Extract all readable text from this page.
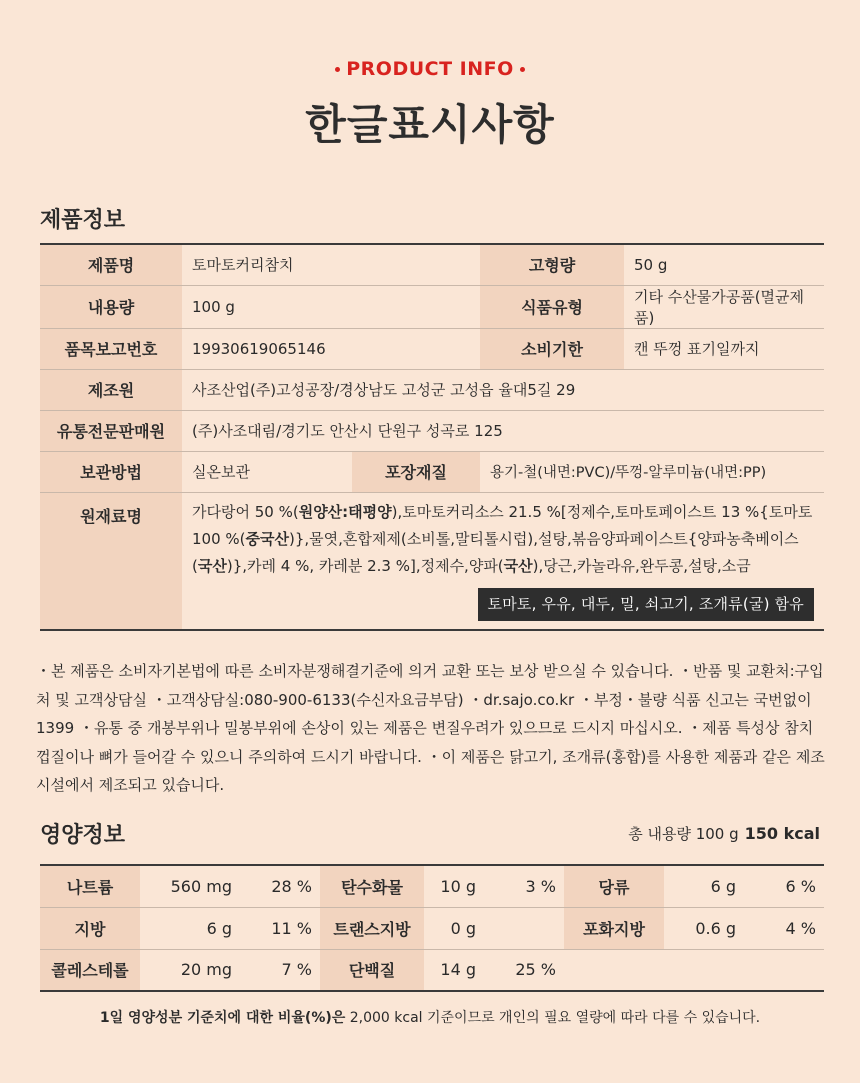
PRODUCT INFO
한글표시사항
제품정보
제품명	토마토커리참치		고형량	50 g
내용량	100 g		식품유형	기타 수산물가공품(멸균제품)
품목보고번호	19930619065146		소비기한	캔 뚜껑 표기일까지
제조원	사조산업(주)고성공장/경상남도 고성군 고성읍 율대5길 29			
유통전문판매원	(주)사조대림/경기도 안산시 단원구 성곡로 125			
보관방법	실온보관	포장재질	용기-철(내면:PVC)/뚜껑-알루미늄(내면:PP)	
원재료명	가다랑어 50 %(원양산:태평양),토마토커리소스 21.5 %[정제수,토마토페이스트 13 %{토마토 100 %(중국산)},물엿,혼합제제(소비톨,말티톨시럽),설탕,볶음양파페이스트{양파농축베이스(국산)},카레 4 %, 카레분 2.3 %],정제수,양파(국산),당근,카놀라유,완두콩,설탕,소금
토마토, 우유, 대두, 밀, 쇠고기, 조개류(굴) 함유			
・본 제품은 소비자기본법에 따른 소비자분쟁해결기준에 의거 교환 또는 보상 받으실 수 있습니다. ・반품 및 교환처:구입처 및 고객상담실 ・고객상담실:080-900-6133(수신자요금부담) ・dr.sajo.co.kr ・부정・불량 식품 신고는 국번없이 1399 ・유통 중 개봉부위나 밀봉부위에 손상이 있는 제품은 변질우려가 있으므로 드시지 마십시오. ・제품 특성상 참치 껍질이나 뼈가 들어갈 수 있으니 주의하여 드시기 바랍니다. ・이 제품은 닭고기, 조개류(홍합)를 사용한 제품과 같은 제조시설에서 제조되고 있습니다.
영양정보	총 내용량 100 g 150 kcal
나트륨	560 mg	28 %	탄수화물	10 g	3 %	당류	6 g	6 %
지방	6 g	11 %	트랜스지방	0 g		포화지방	0.6 g	4 %
콜레스테롤	20 mg	7 %	단백질	14 g	25 %			
1일 영양성분 기준치에 대한 비율(%)은 2,000 kcal 기준이므로 개인의 필요 열량에 따라 다를 수 있습니다.
